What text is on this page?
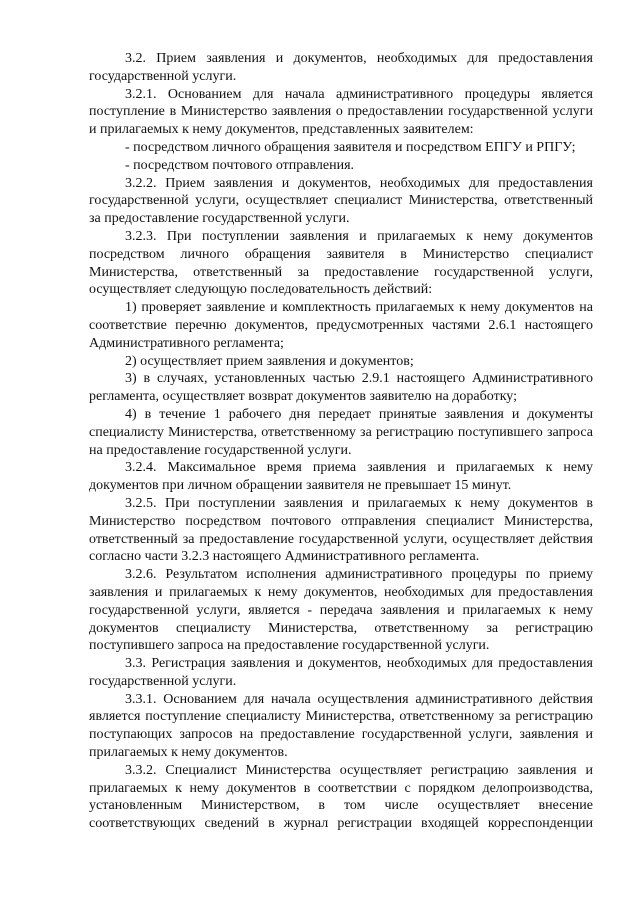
3.2. Прием заявления и документов, необходимых для предоставления государственной услуги.

3.2.1. Основанием для начала административного процедуры является поступление в Министерство заявления о предоставлении государственной услуги и прилагаемых к нему документов, представленных заявителем:

- посредством личного обращения заявителя и посредством ЕПГУ и РПГУ;

- посредством почтового отправления.

3.2.2. Прием заявления и документов, необходимых для предоставления государственной услуги, осуществляет специалист Министерства, ответственный за предоставление государственной услуги.

3.2.3. При поступлении заявления и прилагаемых к нему документов посредством личного обращения заявителя в Министерство специалист Министерства, ответственный за предоставление государственной услуги, осуществляет следующую последовательность действий:

1) проверяет заявление и комплектность прилагаемых к нему документов на соответствие перечню документов, предусмотренных частями 2.6.1 настоящего Административного регламента;

2) осуществляет прием заявления и документов;

3) в случаях, установленных частью 2.9.1 настоящего Административного регламента, осуществляет возврат документов заявителю на доработку;

4) в течение 1 рабочего дня передает принятые заявления и документы специалисту Министерства, ответственному за регистрацию поступившего запроса на предоставление государственной услуги.

3.2.4. Максимальное время приема заявления и прилагаемых к нему документов при личном обращении заявителя не превышает 15 минут.

3.2.5. При поступлении заявления и прилагаемых к нему документов в Министерство посредством почтового отправления специалист Министерства, ответственный за предоставление государственной услуги, осуществляет действия согласно части 3.2.3 настоящего Административного регламента.

3.2.6. Результатом исполнения административного процедуры по приему заявления и прилагаемых к нему документов, необходимых для предоставления государственной услуги, является - передача заявления и прилагаемых к нему документов специалисту Министерства, ответственному за регистрацию поступившего запроса на предоставление государственной услуги.

3.3. Регистрация заявления и документов, необходимых для предоставления государственной услуги.

3.3.1. Основанием для начала осуществления административного действия является поступление специалисту Министерства, ответственному за регистрацию поступающих запросов на предоставление государственной услуги, заявления и прилагаемых к нему документов.

3.3.2. Специалист Министерства осуществляет регистрацию заявления и прилагаемых к нему документов в соответствии с порядком делопроизводства, установленным Министерством, в том числе осуществляет внесение соответствующих сведений в журнал регистрации входящей корреспонденции
